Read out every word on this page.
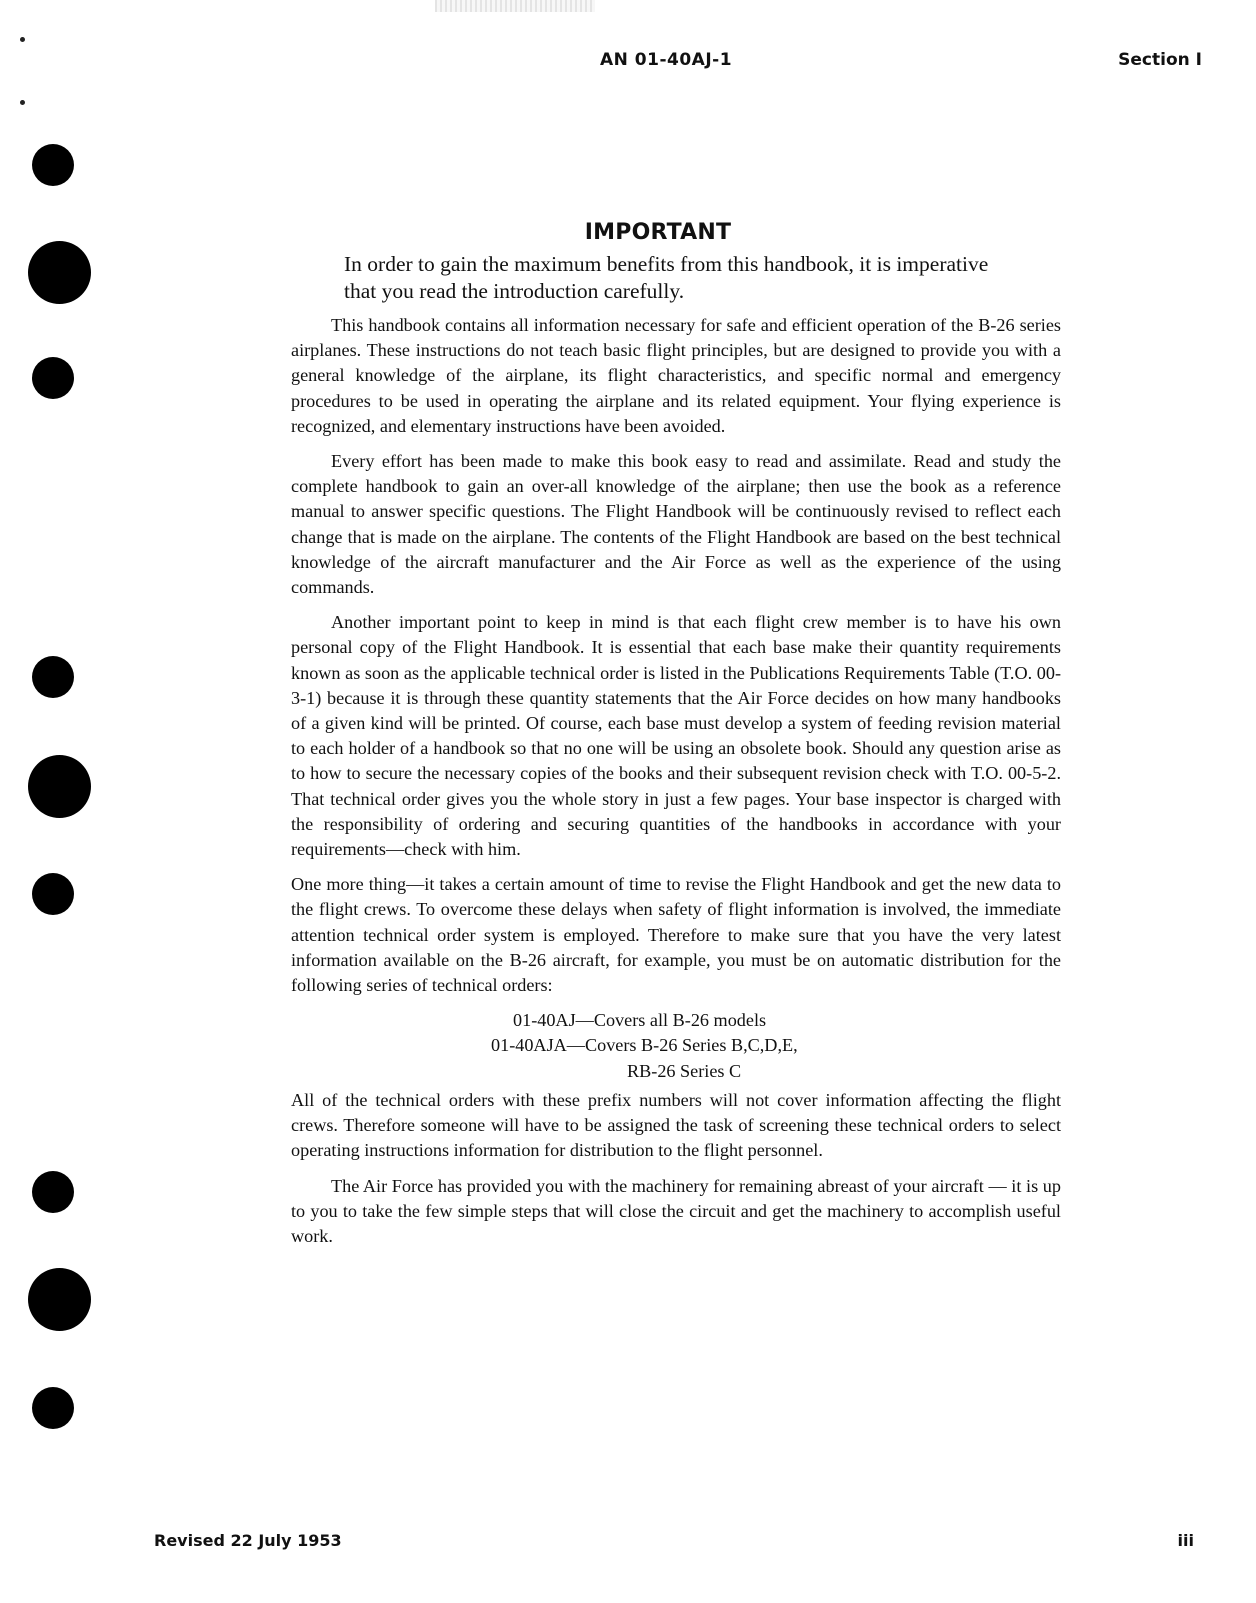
AN 01-40AJ-1	Section I
IMPORTANT
In order to gain the maximum benefits from this handbook, it is imperative that you read the introduction carefully.

This handbook contains all information necessary for safe and efficient operation of the B-26 series airplanes. These instructions do not teach basic flight principles, but are designed to provide you with a general knowledge of the airplane, its flight characteristics, and specific normal and emergency procedures to be used in operating the airplane and its related equipment. Your flying experience is recognized, and elementary instructions have been avoided.

Every effort has been made to make this book easy to read and assimilate. Read and study the complete handbook to gain an over-all knowledge of the airplane; then use the book as a reference manual to answer specific questions. The Flight Handbook will be continuously revised to reflect each change that is made on the airplane. The contents of the Flight Handbook are based on the best technical knowledge of the aircraft manufacturer and the Air Force as well as the experience of the using commands.

Another important point to keep in mind is that each flight crew member is to have his own personal copy of the Flight Handbook. It is essential that each base make their quantity requirements known as soon as the applicable technical order is listed in the Publications Requirements Table (T.O. 00-3-1) because it is through these quantity statements that the Air Force decides on how many handbooks of a given kind will be printed. Of course, each base must develop a system of feeding revision material to each holder of a handbook so that no one will be using an obsolete book. Should any question arise as to how to secure the necessary copies of the books and their subsequent revision check with T.O. 00-5-2. That technical order gives you the whole story in just a few pages. Your base inspector is charged with the responsibility of ordering and securing quantities of the handbooks in accordance with your requirements—check with him.

One more thing—it takes a certain amount of time to revise the Flight Handbook and get the new data to the flight crews. To overcome these delays when safety of flight information is involved, the immediate attention technical order system is employed. Therefore to make sure that you have the very latest information available on the B-26 aircraft, for example, you must be on automatic distribution for the following series of technical orders:

01-40AJ—Covers all B-26 models
01-40AJA—Covers B-26 Series B,C,D,E,
RB-26 Series C

All of the technical orders with these prefix numbers will not cover information affecting the flight crews. Therefore someone will have to be assigned the task of screening these technical orders to select operating instructions information for distribution to the flight personnel.

The Air Force has provided you with the machinery for remaining abreast of your aircraft — it is up to you to take the few simple steps that will close the circuit and get the machinery to accomplish useful work.

Revised 22 July 1953	iii
